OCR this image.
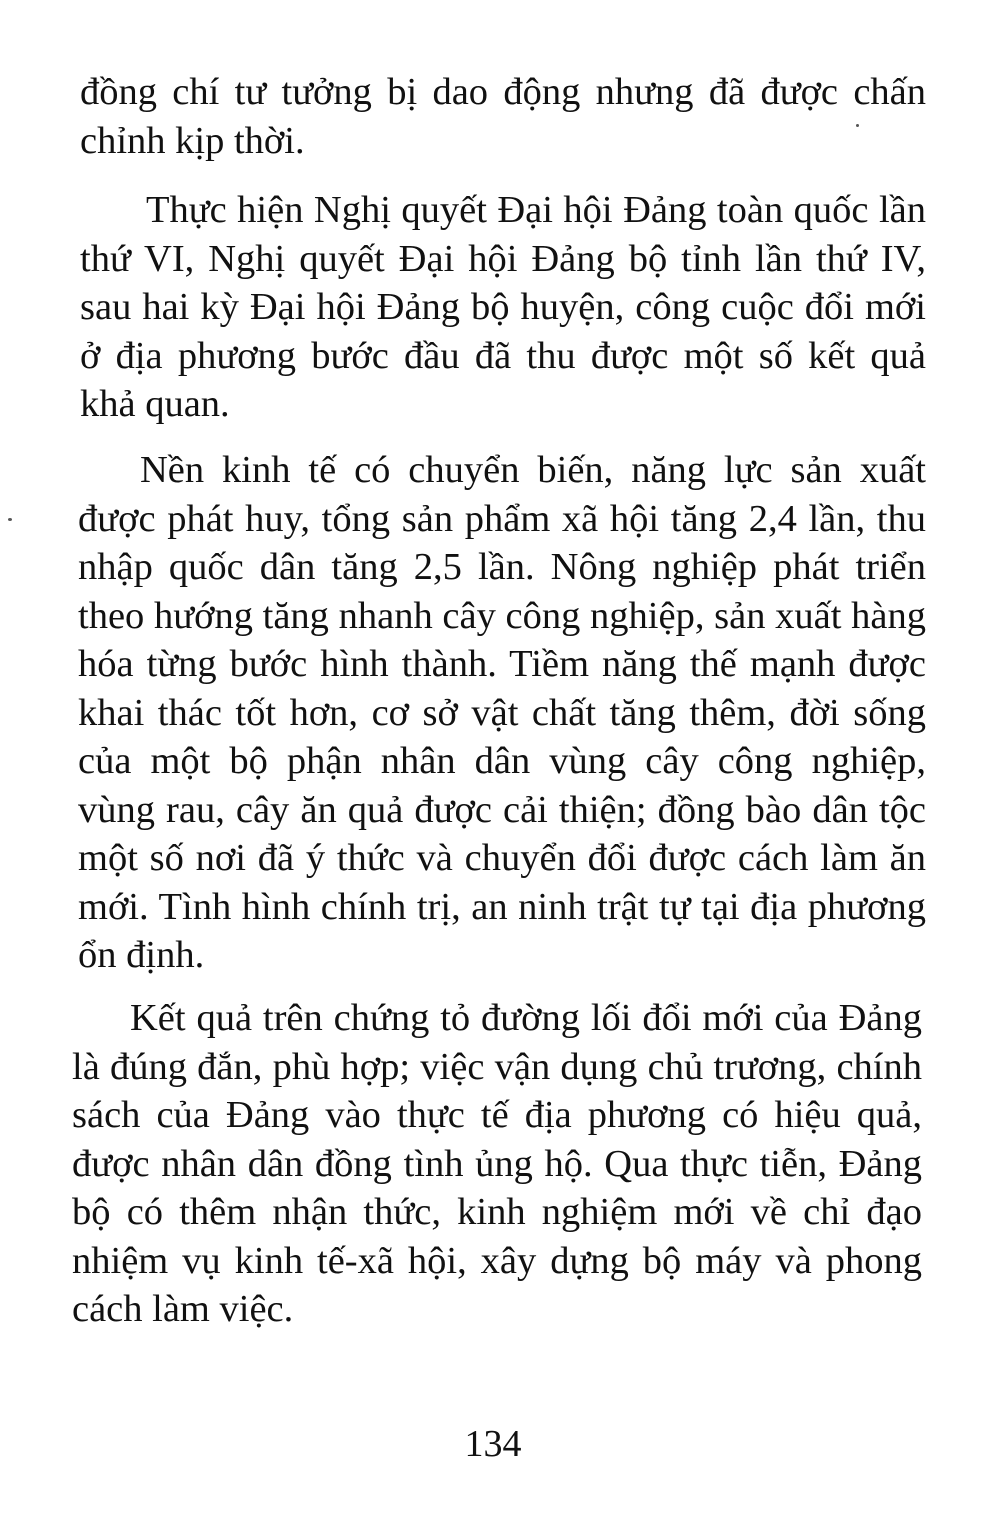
đồng chí tư tưởng bị dao động nhưng đã được chấn chỉnh kịp thời.

Thực hiện Nghị quyết Đại hội Đảng toàn quốc lần thứ VI, Nghị quyết Đại hội Đảng bộ tỉnh lần thứ IV, sau hai kỳ Đại hội Đảng bộ huyện, công cuộc đổi mới ở địa phương bước đầu đã thu được một số kết quả khả quan.

Nền kinh tế có chuyển biến, năng lực sản xuất được phát huy, tổng sản phẩm xã hội tăng 2,4 lần, thu nhập quốc dân tăng 2,5 lần. Nông nghiệp phát triển theo hướng tăng nhanh cây công nghiệp, sản xuất hàng hóa từng bước hình thành. Tiềm năng thế mạnh được khai thác tốt hơn, cơ sở vật chất tăng thêm, đời sống của một bộ phận nhân dân vùng cây công nghiệp, vùng rau, cây ăn quả được cải thiện; đồng bào dân tộc một số nơi đã ý thức và chuyển đổi được cách làm ăn mới. Tình hình chính trị, an ninh trật tự tại địa phương ổn định.

Kết quả trên chứng tỏ đường lối đổi mới của Đảng là đúng đắn, phù hợp; việc vận dụng chủ trương, chính sách của Đảng vào thực tế địa phương có hiệu quả, được nhân dân đồng tình ủng hộ. Qua thực tiễn, Đảng bộ có thêm nhận thức, kinh nghiệm mới về chỉ đạo nhiệm vụ kinh tế-xã hội, xây dựng bộ máy và phong cách làm việc.

134
